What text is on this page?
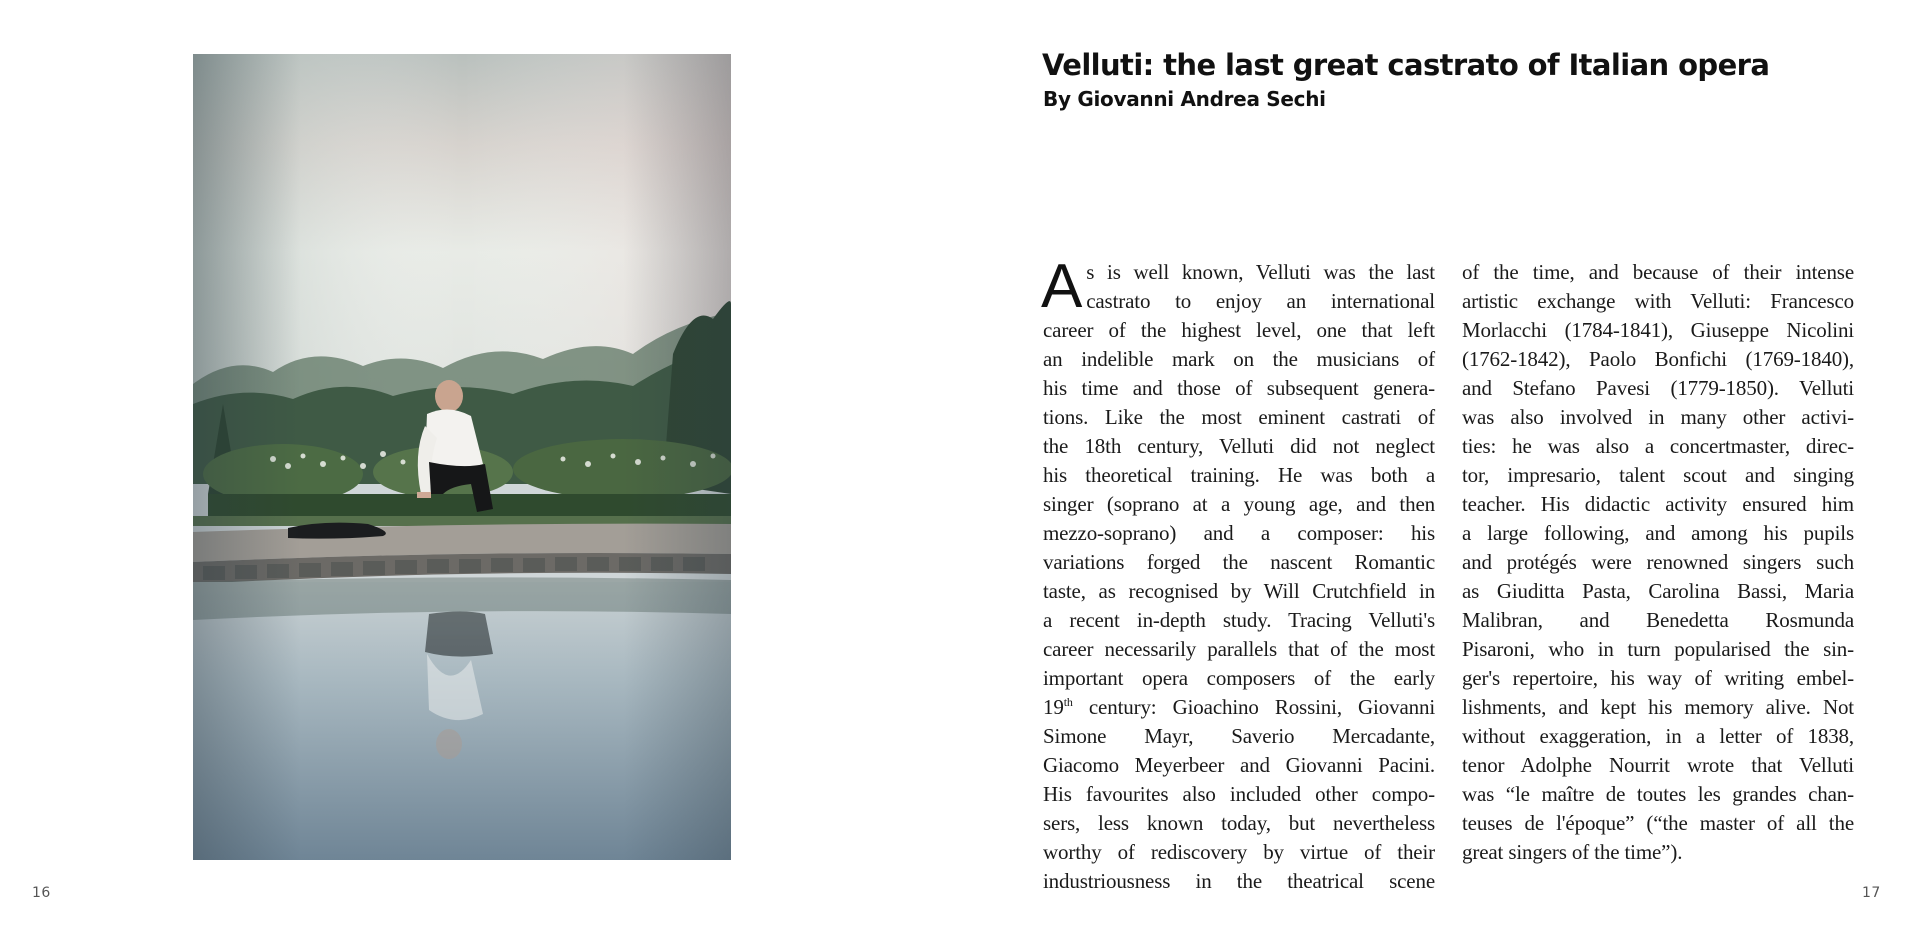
16
Velluti: the last great castrato of Italian opera
By Giovanni Andrea Sechi
A s is well known, Velluti was the last
castrato to enjoy an international
career of the highest level, one that left
an indelible mark on the musicians of
his time and those of subsequent genera-
tions. Like the most eminent castrati of
the 18th century, Velluti did not neglect
his theoretical training. He was both a
singer (soprano at a young age, and then
mezzo-soprano) and a composer: his
variations forged the nascent Romantic
taste, as recognised by Will Crutchfield in
a recent in-depth study. Tracing Velluti's
career necessarily parallels that of the most
important opera composers of the early
19th century: Gioachino Rossini, Giovanni
Simone Mayr, Saverio Mercadante,
Giacomo Meyerbeer and Giovanni Pacini.
His favourites also included other compo-
sers, less known today, but nevertheless
worthy of rediscovery by virtue of their
industriousness in the theatrical scene
of the time, and because of their intense
artistic exchange with Velluti: Francesco
Morlacchi (1784-1841), Giuseppe Nicolini
(1762-1842), Paolo Bonfichi (1769-1840),
and Stefano Pavesi (1779-1850). Velluti
was also involved in many other activi-
ties: he was also a concertmaster, direc-
tor, impresario, talent scout and singing
teacher. His didactic activity ensured him
a large following, and among his pupils
and protégés were renowned singers such
as Giuditta Pasta, Carolina Bassi, Maria
Malibran, and Benedetta Rosmunda
Pisaroni, who in turn popularised the sin-
ger's repertoire, his way of writing embel-
lishments, and kept his memory alive. Not
without exaggeration, in a letter of 1838,
tenor Adolphe Nourrit wrote that Velluti
was “le maître de toutes les grandes chan-
teuses de l'époque” (“the master of all the
great singers of the time”).
17
